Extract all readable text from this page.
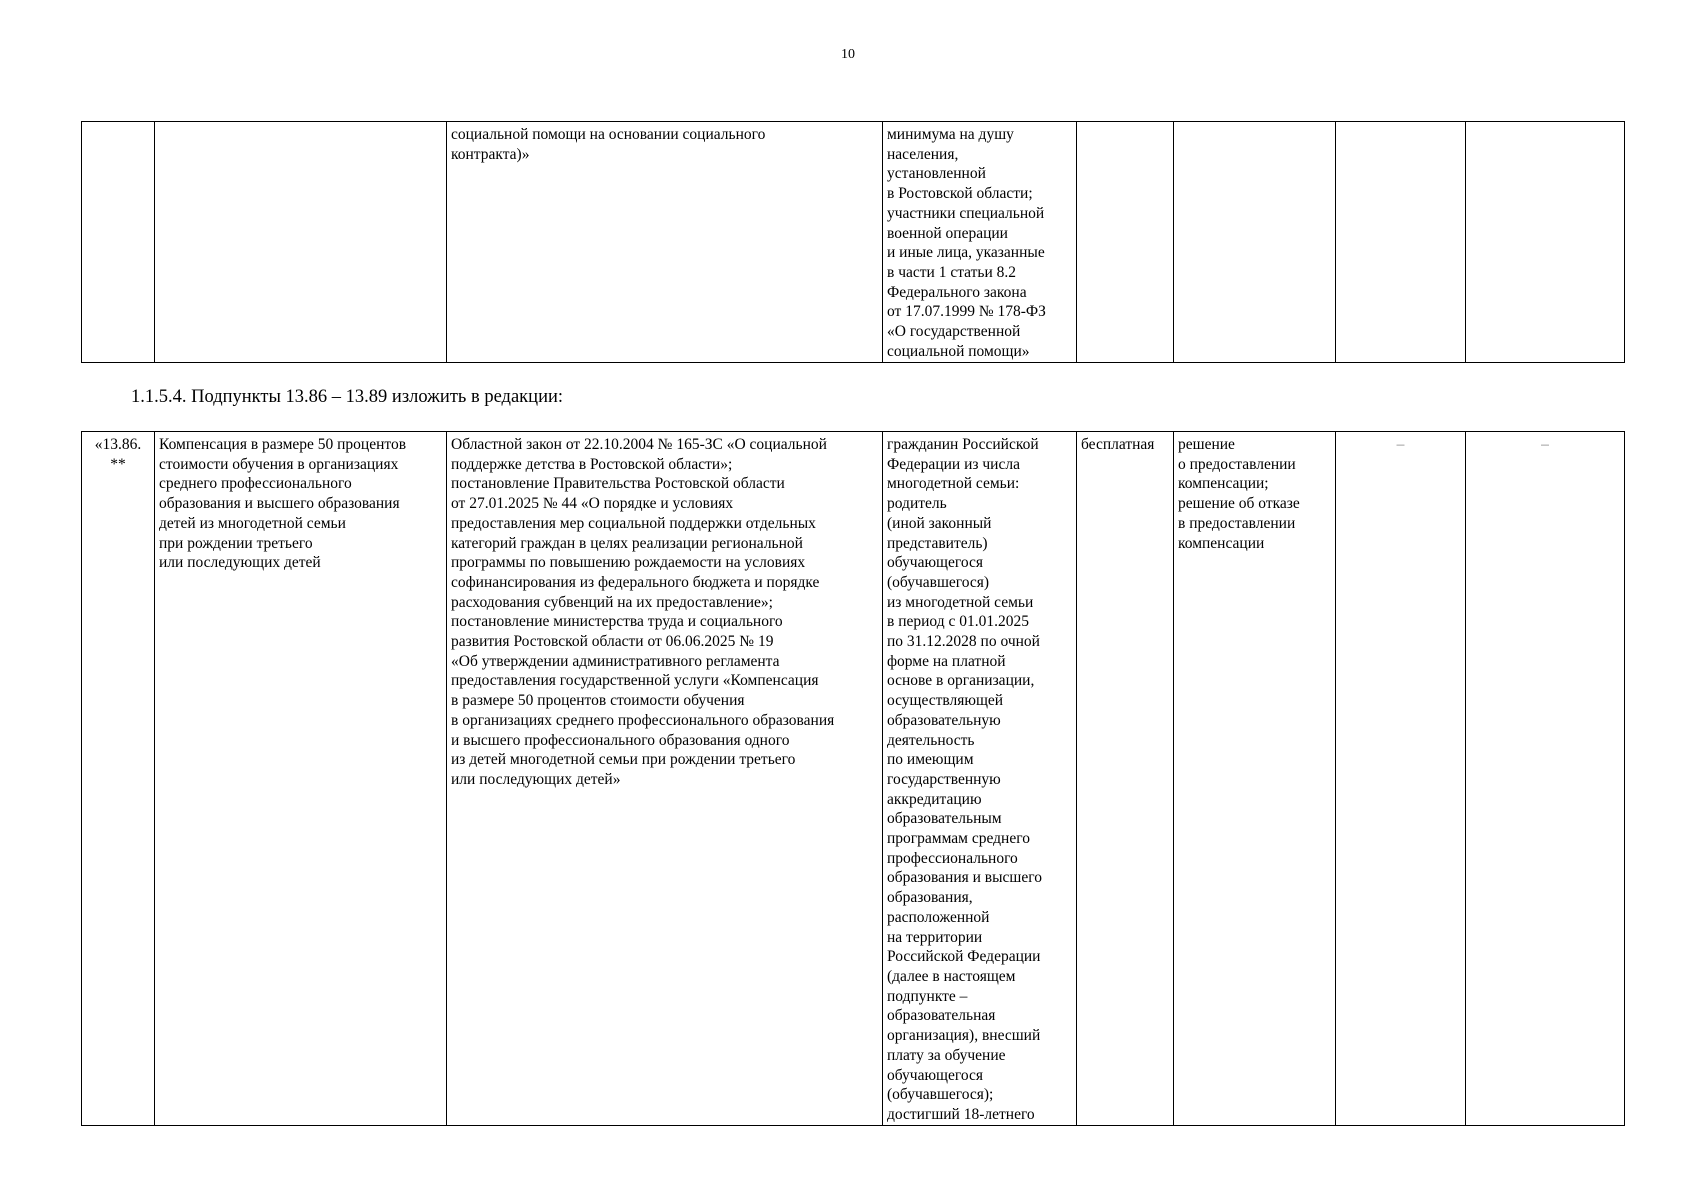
10
		социальной помощи на основании социального
контракта)»	минимума на душу
населения,
установленной
в Ростовской области;
участники специальной
военной операции
и иные лица, указанные
в части 1 статьи 8.2
Федерального закона
от 17.07.1999 № 178-ФЗ
«О государственной
социальной помощи»				
1.1.5.4. Подпункты 13.86 – 13.89 изложить в редакции:
«13.86.
**	Компенсация в размере 50 процентов
стоимости обучения в организациях
среднего профессионального
образования и высшего образования
детей из многодетной семьи
при рождении третьего
или последующих детей	Областной закон от 22.10.2004 № 165-ЗС «О социальной
поддержке детства в Ростовской области»;
постановление Правительства Ростовской области
от 27.01.2025 № 44 «О порядке и условиях
предоставления мер социальной поддержки отдельных
категорий граждан в целях реализации региональной
программы по повышению рождаемости на условиях
софинансирования из федерального бюджета и порядке
расходования субвенций на их предоставление»;
постановление министерства труда и социального
развития Ростовской области от 06.06.2025 № 19
«Об утверждении административного регламента
предоставления государственной услуги «Компенсация
в размере 50 процентов стоимости обучения
в организациях среднего профессионального образования
и высшего профессионального образования одного
из детей многодетной семьи при рождении третьего
или последующих детей»	гражданин Российской
Федерации из числа
многодетной семьи:
родитель
(иной законный
представитель)
обучающегося
(обучавшегося)
из многодетной семьи
в период с 01.01.2025
по 31.12.2028 по очной
форме на платной
основе в организации,
осуществляющей
образовательную
деятельность
по имеющим
государственную
аккредитацию
образовательным
программам среднего
профессионального
образования и высшего
образования,
расположенной
на территории
Российской Федерации
(далее в настоящем
подпункте –
образовательная
организация), внесший
плату за обучение
обучающегося
(обучавшегося);
достигший 18-летнего	бесплатная	решение
о предоставлении
компенсации;
решение об отказе
в предоставлении
компенсации	–	–
